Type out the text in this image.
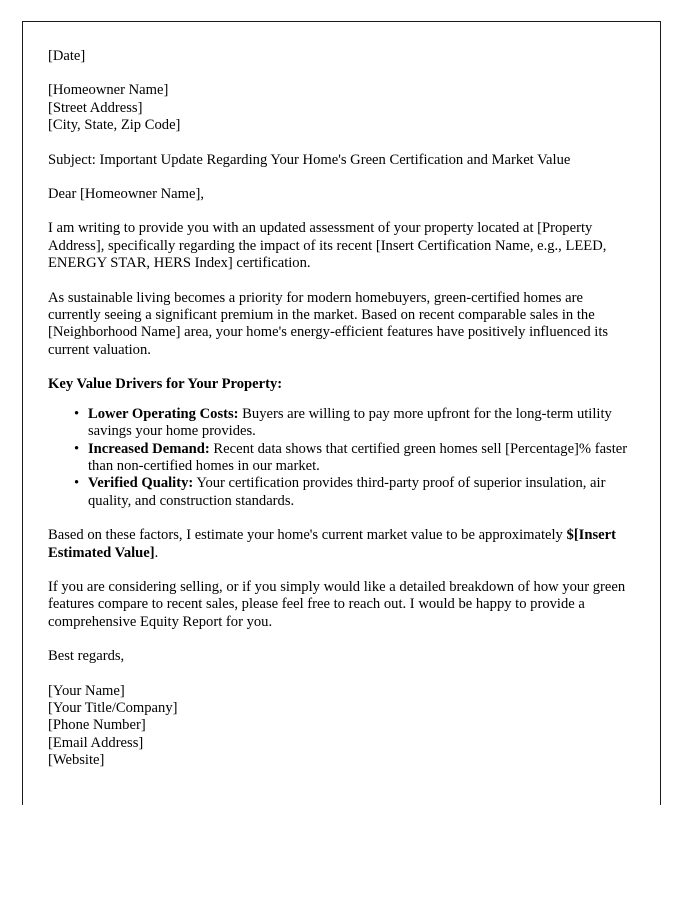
[Date]
[Homeowner Name]
[Street Address]
[City, State, Zip Code]

Subject: Important Update Regarding Your Home's Green Certification and Market Value

Dear [Homeowner Name],

I am writing to provide you with an updated assessment of your property located at [Property Address], specifically regarding the impact of its recent [Insert Certification Name, e.g., LEED, ENERGY STAR, HERS Index] certification.

As sustainable living becomes a priority for modern homebuyers, green-certified homes are currently seeing a significant premium in the market. Based on recent comparable sales in the [Neighborhood Name] area, your home's energy-efficient features have positively influenced its current valuation.

Key Value Drivers for Your Property:

• Lower Operating Costs: Buyers are willing to pay more upfront for the long-term utility savings your home provides.
• Increased Demand: Recent data shows that certified green homes sell [Percentage]% faster than non-certified homes in our market.
• Verified Quality: Your certification provides third-party proof of superior insulation, air quality, and construction standards.

Based on these factors, I estimate your home's current market value to be approximately $[Insert Estimated Value].

If you are considering selling, or if you simply would like a detailed breakdown of how your green features compare to recent sales, please feel free to reach out. I would be happy to provide a comprehensive Equity Report for you.

Best regards,

[Your Name]
[Your Title/Company]
[Phone Number]
[Email Address]
[Website]
